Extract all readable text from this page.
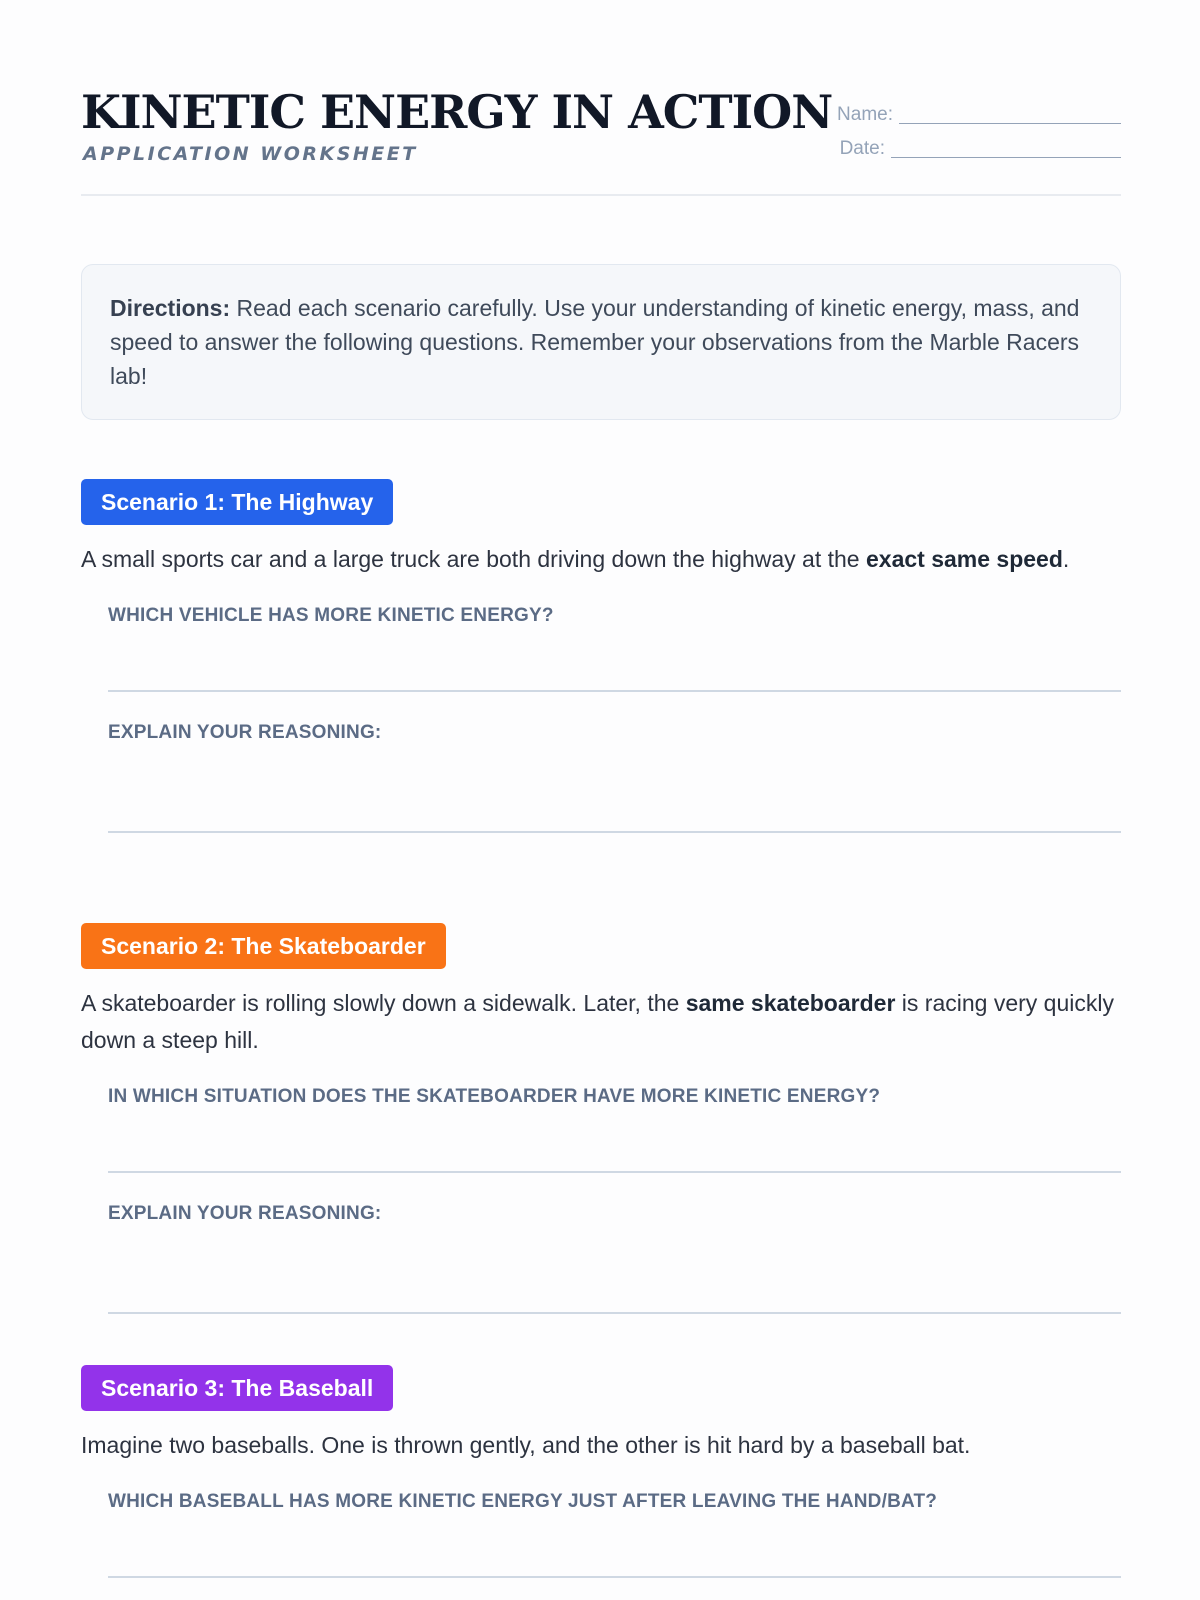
KINETIC ENERGY IN ACTION
APPLICATION WORKSHEET
Name:
Date:
Directions: Read each scenario carefully. Use your understanding of kinetic energy, mass, and speed to answer the following questions. Remember your observations from the Marble Racers lab!
Scenario 1: The Highway

A small sports car and a large truck are both driving down the highway at the exact same speed.

WHICH VEHICLE HAS MORE KINETIC ENERGY?
EXPLAIN YOUR REASONING:
Scenario 2: The Skateboarder

A skateboarder is rolling slowly down a sidewalk. Later, the same skateboarder is racing very quickly down a steep hill.

IN WHICH SITUATION DOES THE SKATEBOARDER HAVE MORE KINETIC ENERGY?
EXPLAIN YOUR REASONING:
Scenario 3: The Baseball

Imagine two baseballs. One is thrown gently, and the other is hit hard by a baseball bat.

WHICH BASEBALL HAS MORE KINETIC ENERGY JUST AFTER LEAVING THE HAND/BAT?
